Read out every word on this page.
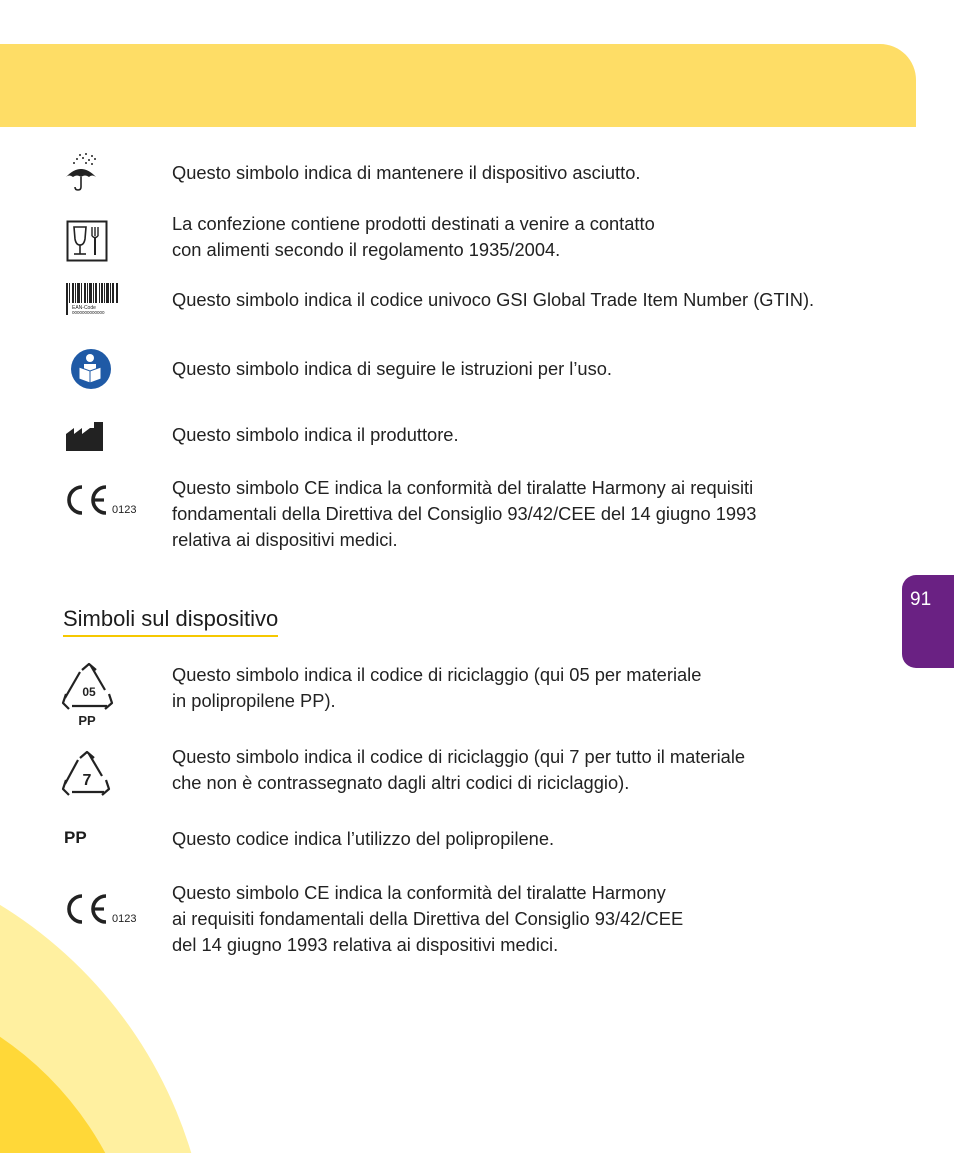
91
Questo simbolo indica di mantenere il dispositivo asciutto.
La confezione contiene prodotti destinati a venire a contatto
con alimenti secondo il regolamento 1935/2004.
EAN-Code
0000000000000
Questo simbolo indica il codice univoco GSI Global Trade Item Number (GTIN).
Questo simbolo indica di seguire le istruzioni per l’uso.
Questo simbolo indica il produttore.
0123
Questo simbolo CE indica la conformità del tiralatte Harmony ai requisiti
fondamentali della Direttiva del Consiglio 93/42/CEE del 14 giugno 1993
relativa ai dispositivi medici.
Simboli sul dispositivo
05
PP
Questo simbolo indica il codice di riciclaggio (qui 05 per materiale
in polipropilene PP).
7
Questo simbolo indica il codice di riciclaggio (qui 7 per tutto il materiale
che non è contrassegnato dagli altri codici di riciclaggio).
PP	Questo codice indica l’utilizzo del polipropilene.
0123
Questo simbolo CE indica la conformità del tiralatte Harmony
ai requisiti fondamentali della Direttiva del Consiglio 93/42/CEE
del 14 giugno 1993 relativa ai dispositivi medici.
